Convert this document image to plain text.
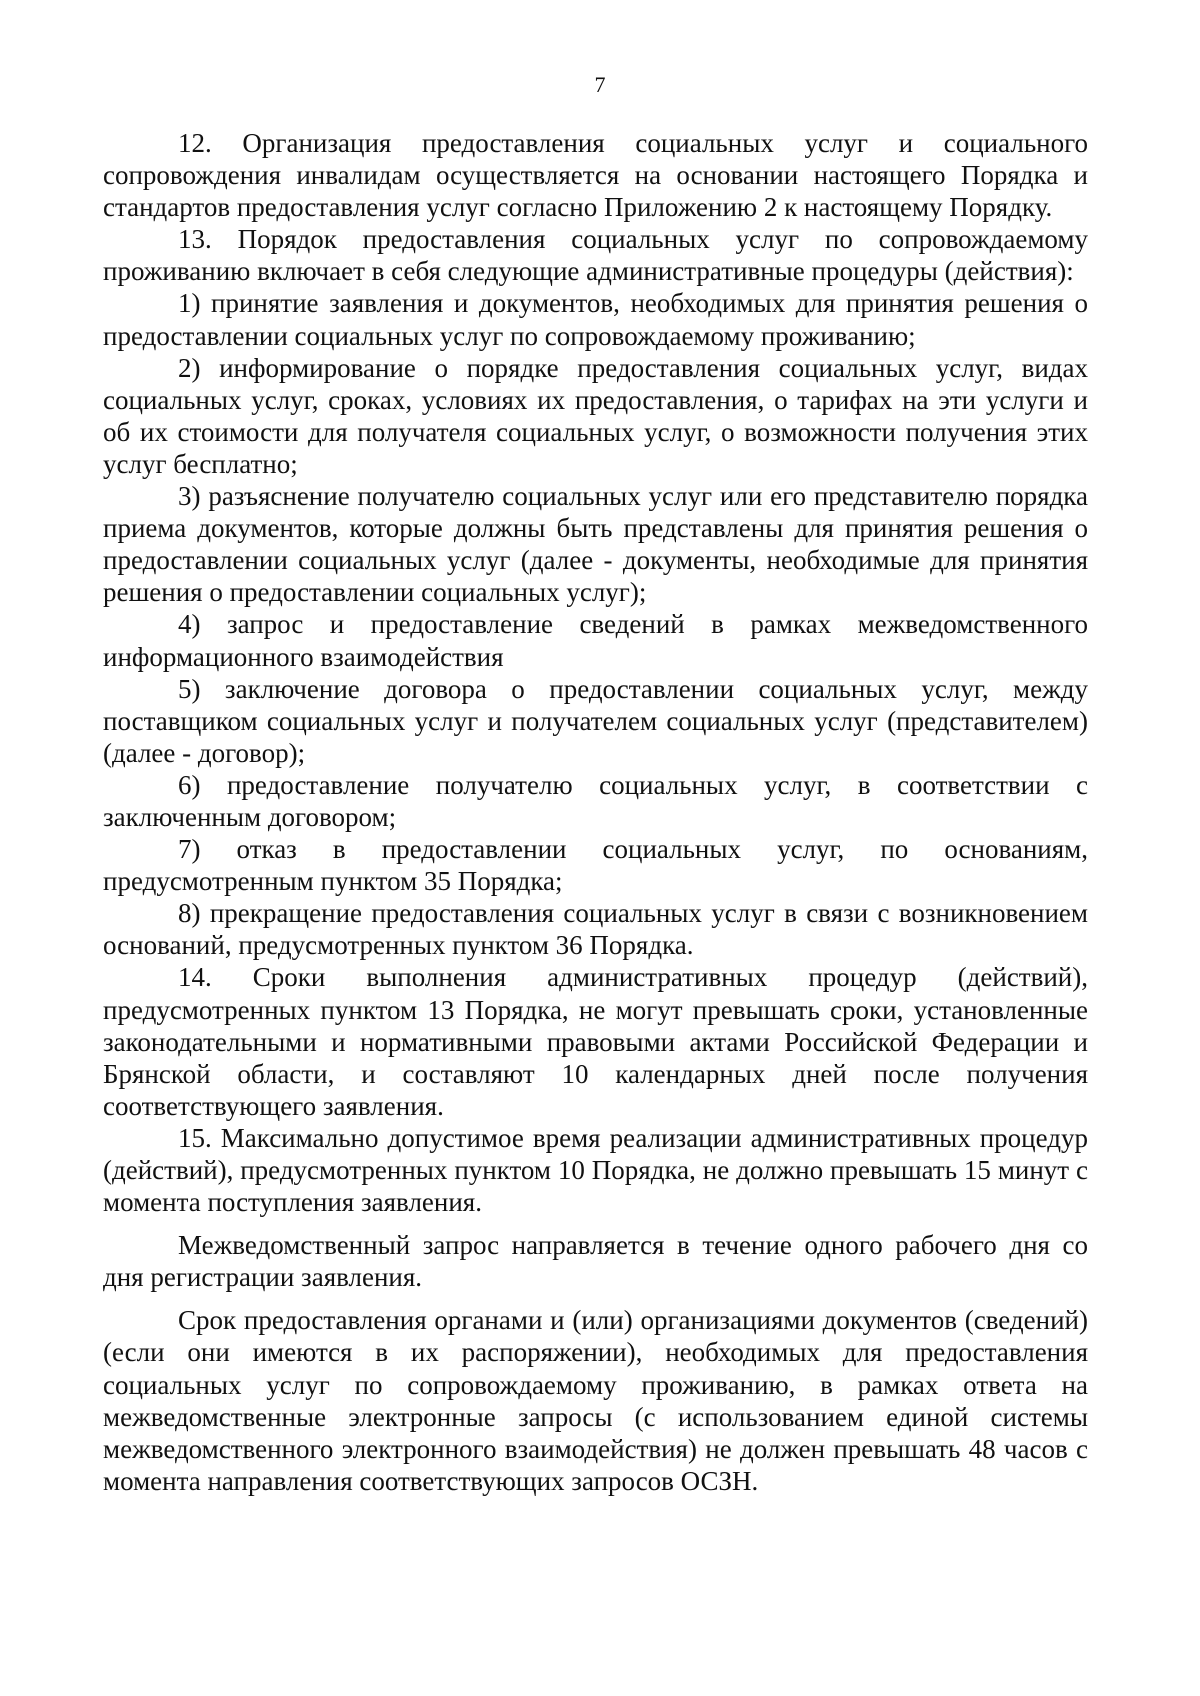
7

12. Организация предоставления социальных услуг и социального сопровождения инвалидам осуществляется на основании настоящего Порядка и стандартов предоставления услуг согласно Приложению 2 к настоящему Порядку.

13. Порядок предоставления социальных услуг по сопровождаемому проживанию включает в себя следующие административные процедуры (действия):

1) принятие заявления и документов, необходимых для принятия решения о предоставлении социальных услуг по сопровождаемому проживанию;

2) информирование о порядке предоставления социальных услуг, видах социальных услуг, сроках, условиях их предоставления, о тарифах на эти услуги и об их стоимости для получателя социальных услуг, о возможности получения этих услуг бесплатно;

3) разъяснение получателю социальных услуг или его представителю порядка приема документов, которые должны быть представлены для принятия решения о предоставлении социальных услуг (далее - документы, необходимые для принятия решения о предоставлении социальных услуг);

4) запрос и предоставление сведений в рамках межведомственного информационного взаимодействия

5) заключение договора о предоставлении социальных услуг, между поставщиком социальных услуг и получателем социальных услуг (представителем) (далее - договор);

6) предоставление получателю социальных услуг, в соответствии с заключенным договором;

7) отказ в предоставлении социальных услуг, по основаниям, предусмотренным пунктом 35 Порядка;

8) прекращение предоставления социальных услуг в связи с возникновением оснований, предусмотренных пунктом 36 Порядка.

14. Сроки выполнения административных процедур (действий), предусмотренных пунктом 13 Порядка, не могут превышать сроки, установленные законодательными и нормативными правовыми актами Российской Федерации и Брянской области, и составляют 10 календарных дней после получения соответствующего заявления.

15. Максимально допустимое время реализации административных процедур (действий), предусмотренных пунктом 10 Порядка, не должно превышать 15 минут с момента поступления заявления.

Межведомственный запрос направляется в течение одного рабочего дня со дня регистрации заявления.

Срок предоставления органами и (или) организациями документов (сведений) (если они имеются в их распоряжении), необходимых для предоставления социальных услуг по сопровождаемому проживанию, в рамках ответа на межведомственные электронные запросы (с использованием единой системы межведомственного электронного взаимодействия) не должен превышать 48 часов с момента направления соответствующих запросов ОСЗН.
